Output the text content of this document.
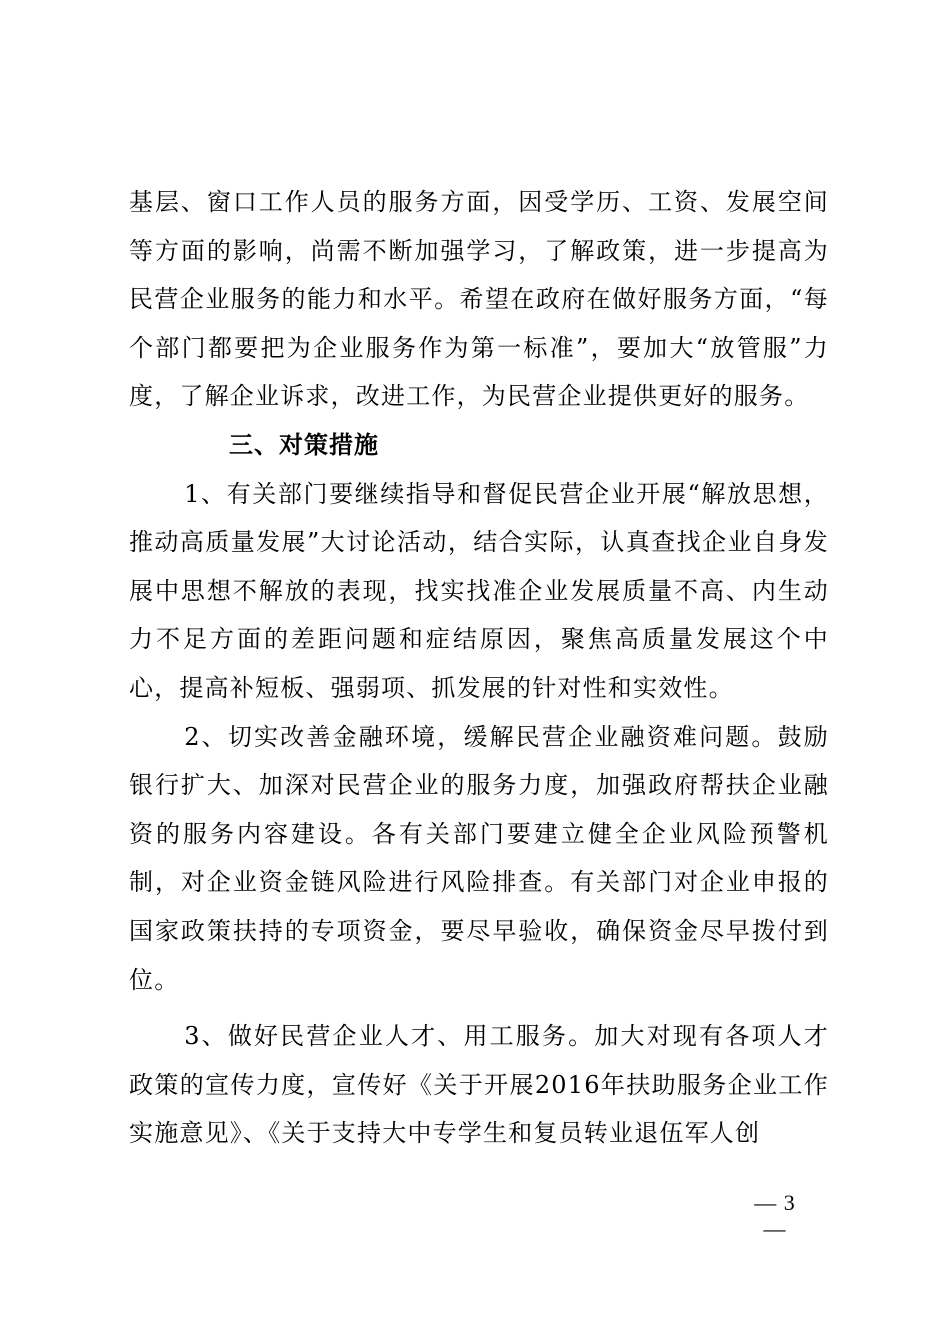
基层、窗口工作人员的服务方面，因受学历、工资、发展空间等方面的影响，尚需不断加强学习，了解政策，进一步提高为民营企业服务的能力和水平。希望在政府在做好服务方面，“每个部门都要把为企业服务作为第一标准”，要加大“放管服”力度，了解企业诉求，改进工作，为民营企业提供更好的服务。

三、对策措施

1、有关部门要继续指导和督促民营企业开展“解放思想，推动高质量发展”大讨论活动，结合实际，认真查找企业自身发展中思想不解放的表现，找实找准企业发展质量不高、内生动力不足方面的差距问题和症结原因，聚焦高质量发展这个中心，提高补短板、强弱项、抓发展的针对性和实效性。

2、切实改善金融环境，缓解民营企业融资难问题。鼓励银行扩大、加深对民营企业的服务力度，加强政府帮扶企业融资的服务内容建设。各有关部门要建立健全企业风险预警机制，对企业资金链风险进行风险排查。有关部门对企业申报的国家政策扶持的专项资金，要尽早验收，确保资金尽早拨付到位。

3、做好民营企业人才、用工服务。加大对现有各项人才政策的宣传力度，宣传好《关于开展2016年扶助服务企业工作实施意见》、《关于支持大中专学生和复员转业退伍军人创

— 3 —
